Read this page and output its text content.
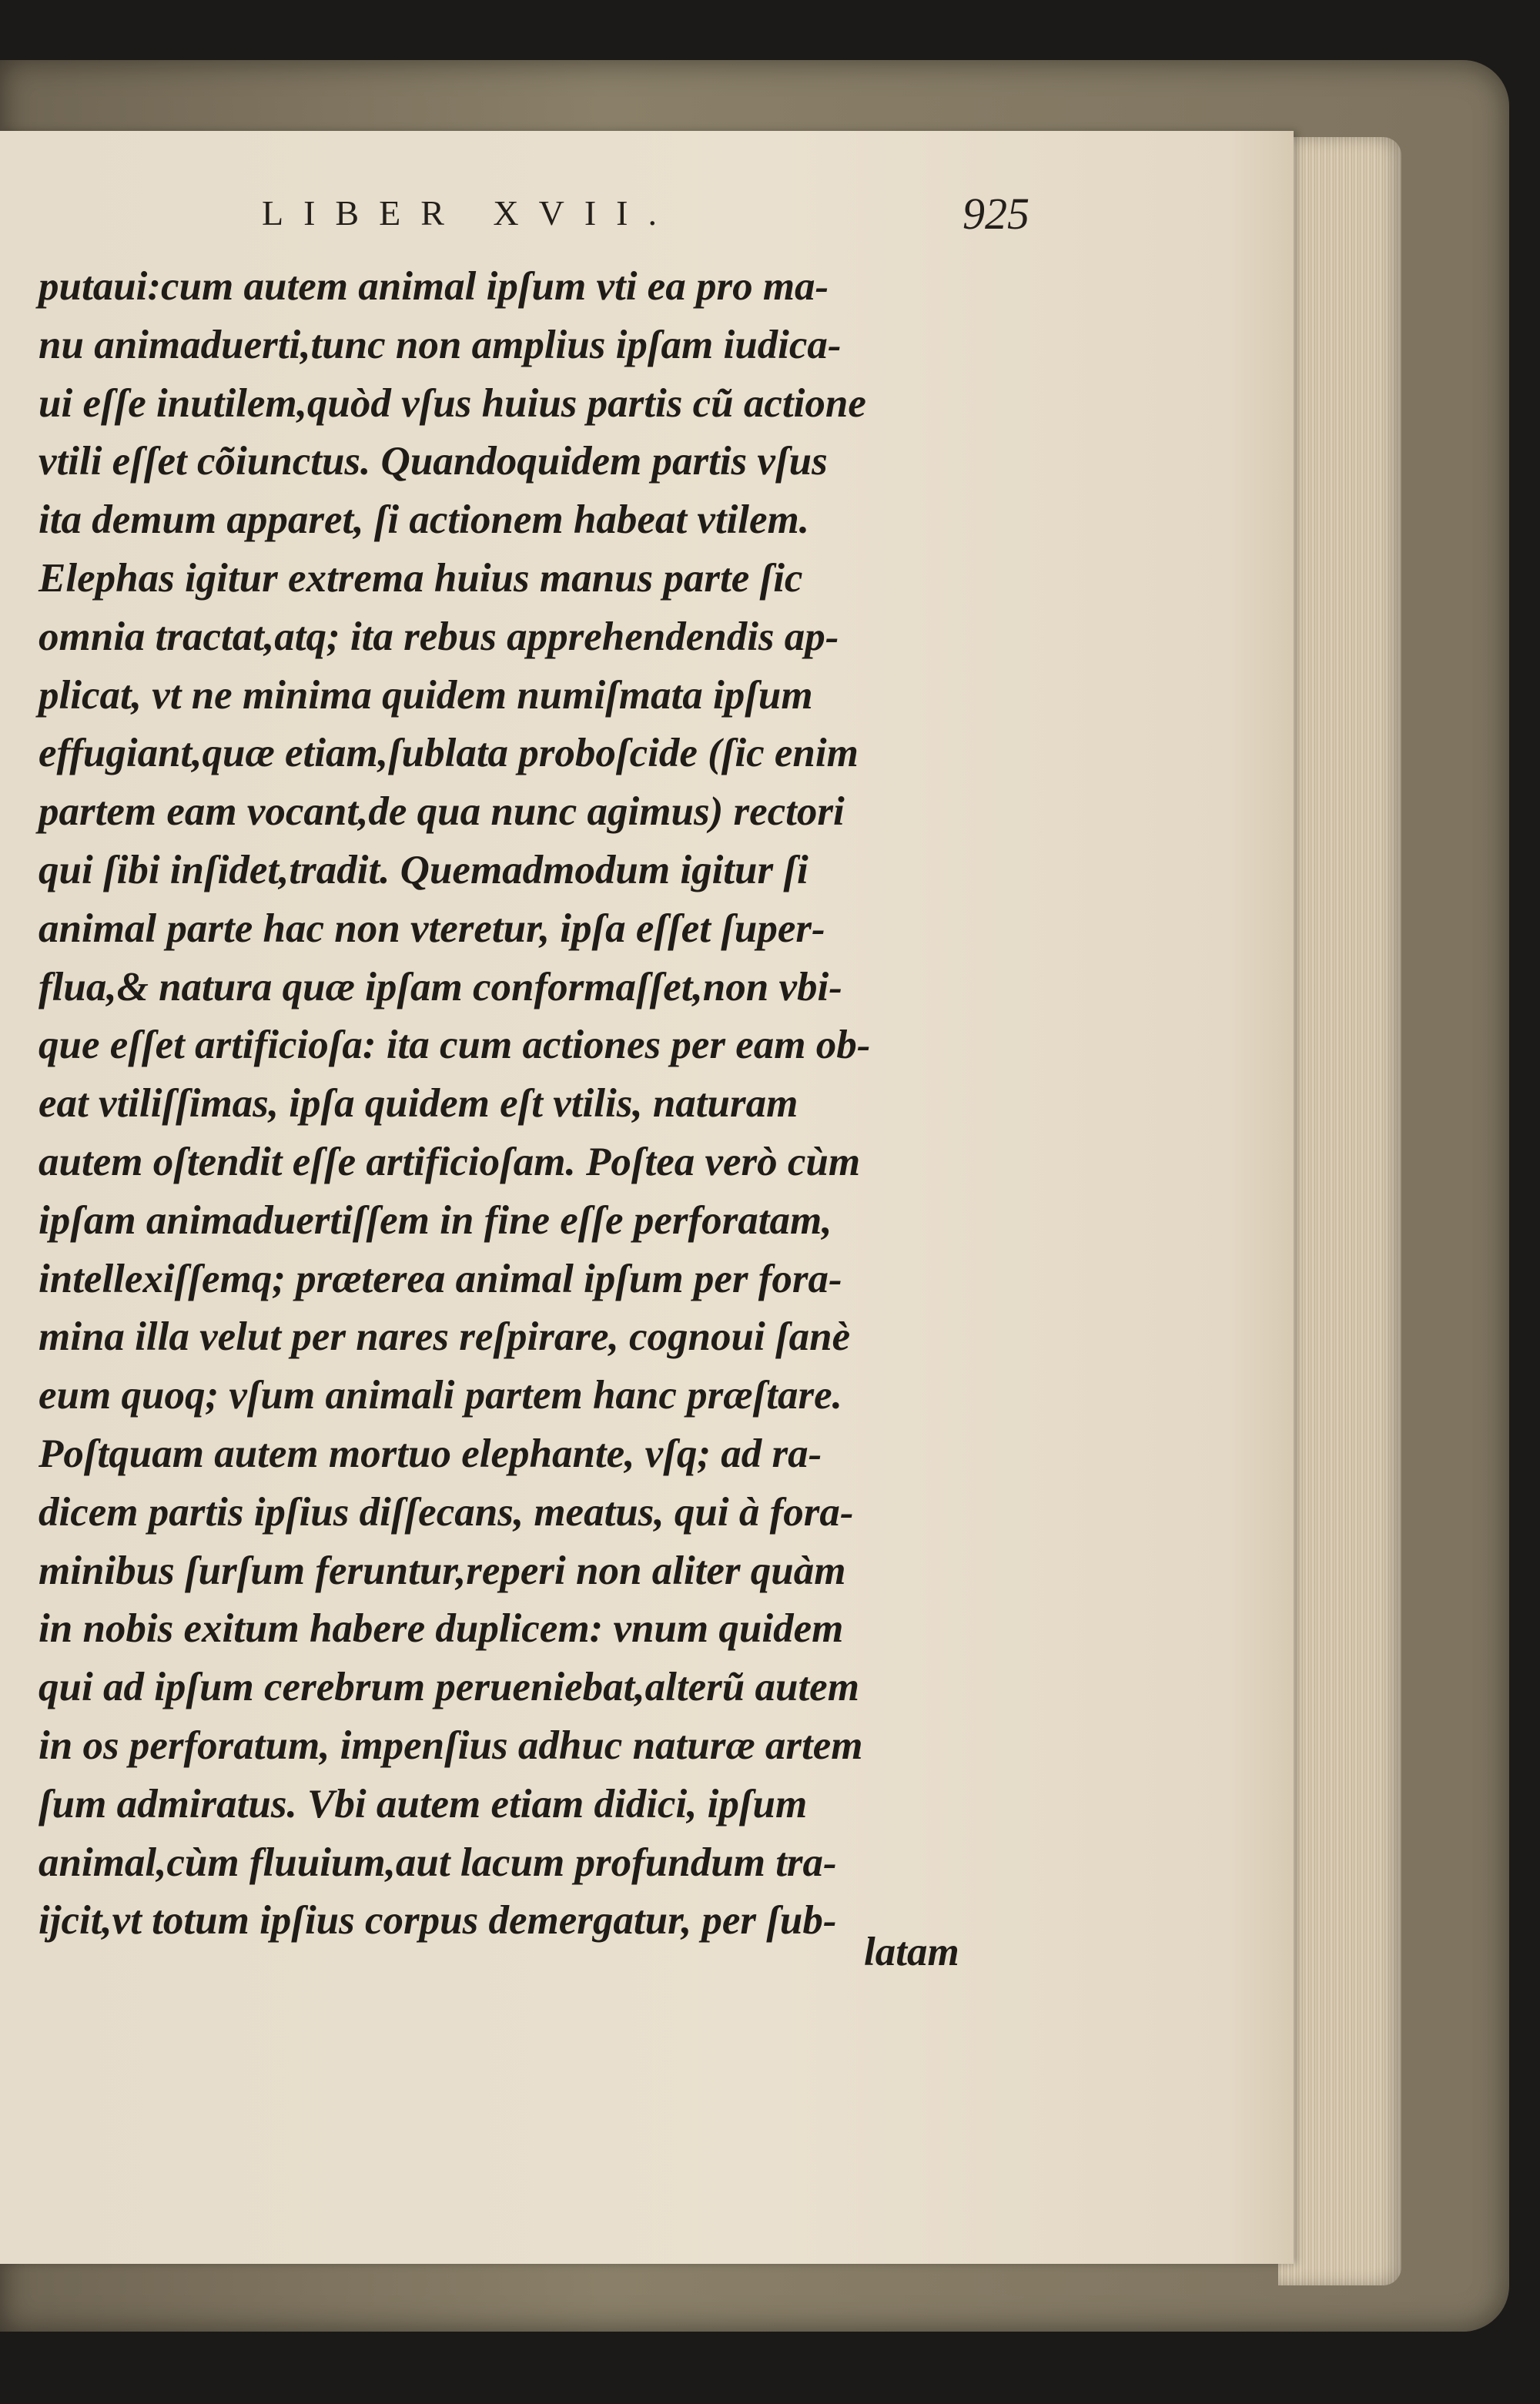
LIBER XVII.	925
putaui:cum autem animal ipſum vti ea pro ma-
nu animaduerti,tunc non amplius ipſam iudica-
ui eſſe inutilem,quòd vſus huius partis cũ actione
vtili eſſet cõiunctus. Quandoquidem partis vſus
ita demum apparet, ſi actionem habeat vtilem.
Elephas igitur extrema huius manus parte ſic
omnia tractat,atq; ita rebus apprehendendis ap-
plicat, vt ne minima quidem numiſmata ipſum
effugiant,quæ etiam,ſublata proboſcide (ſic enim
partem eam vocant,de qua nunc agimus) rectori
qui ſibi inſidet,tradit. Quemadmodum igitur ſi
animal parte hac non vteretur, ipſa eſſet ſuper-
flua,& natura quæ ipſam conformaſſet,non vbi-
que eſſet artificioſa: ita cum actiones per eam ob-
eat vtiliſſimas, ipſa quidem eſt vtilis, naturam
autem oſtendit eſſe artificioſam. Poſtea verò cùm
ipſam animaduertiſſem in fine eſſe perforatam,
intellexiſſemq; præterea animal ipſum per fora-
mina illa velut per nares reſpirare, cognoui ſanè
eum quoq; vſum animali partem hanc præſtare.
Poſtquam autem mortuo elephante, vſq; ad ra-
dicem partis ipſius diſſecans, meatus, qui à fora-
minibus ſurſum feruntur,reperi non aliter quàm
in nobis exitum habere duplicem: vnum quidem
qui ad ipſum cerebrum perueniebat,alterũ autem
in os perforatum, impenſius adhuc naturæ artem
ſum admiratus. Vbi autem etiam didici, ipſum
animal,cùm fluuium,aut lacum profundum tra-
ijcit,vt totum ipſius corpus demergatur, per ſub-
latam
